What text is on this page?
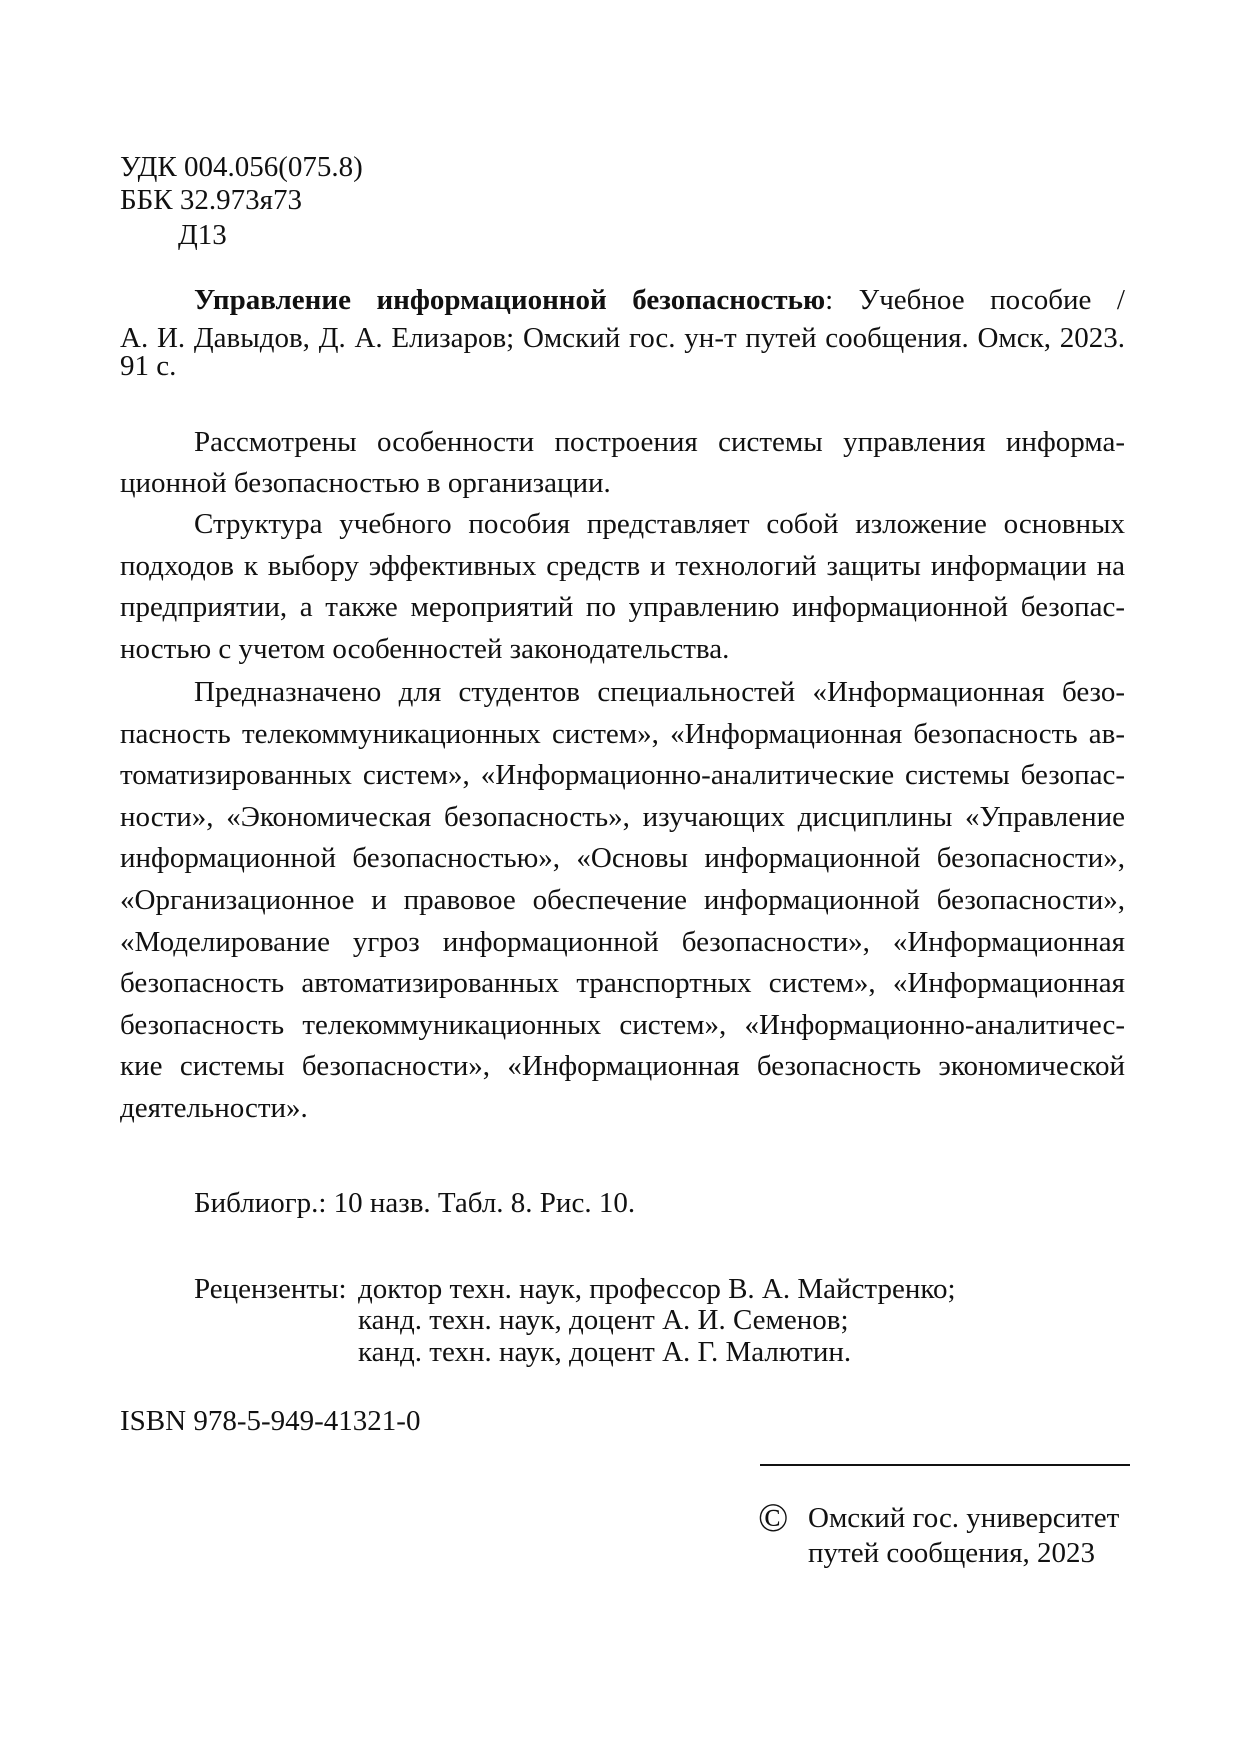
УДК 004.056(075.8)
ББК 32.973я73
Д13
Управление информационной безопасностью: Учебное пособие /
А. И. Давыдов, Д. А. Елизаров; Омский гос. ун-т путей сообщения. Омск, 2023.
91 с.
Рассмотрены особенности построения системы управления информа-
ционной безопасностью в организации.
Структура учебного пособия представляет собой изложение основных
подходов к выбору эффективных средств и технологий защиты информации на
предприятии, а также мероприятий по управлению информационной безопас-
ностью с учетом особенностей законодательства.
Предназначено для студентов специальностей «Информационная безо-
пасность телекоммуникационных систем», «Информационная безопасность ав-
томатизированных систем», «Информационно-аналитические системы безопас-
ности», «Экономическая безопасность», изучающих дисциплины «Управление
информационной безопасностью», «Основы информационной безопасности»,
«Организационное и правовое обеспечение информационной безопасности»,
«Моделирование угроз информационной безопасности», «Информационная
безопасность автоматизированных транспортных систем», «Информационная
безопасность телекоммуникационных систем», «Информационно-аналитичес-
кие системы безопасности», «Информационная безопасность экономической
деятельности».
Библиогр.: 10 назв. Табл. 8. Рис. 10.
Рецензенты: доктор техн. наук, профессор В. А. Майстренко;
канд. техн. наук, доцент А. И. Семенов;
канд. техн. наук, доцент А. Г. Малютин.
ISBN 978-5-949-41321-0
© Омский гос. университет
путей сообщения, 2023
